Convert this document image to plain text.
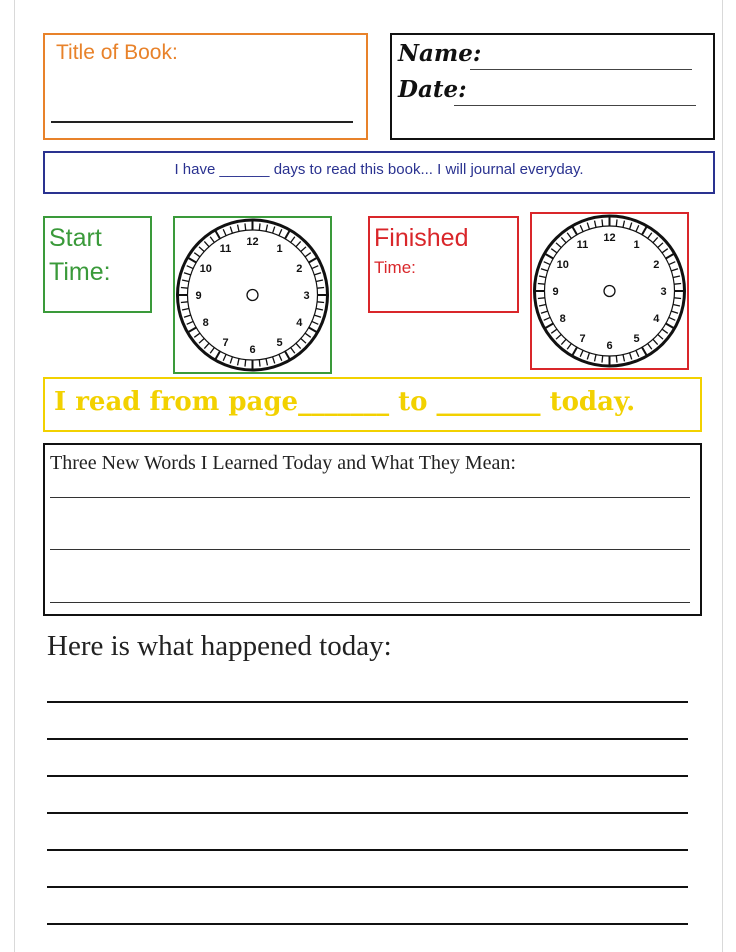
Title of Book:	Name:
Date:
I have ______ days to read this book... I will journal everyday.
Start
Time:
12
1
2
3
4
5
6
7
8
9
10
11	Finished
Time:
12
1
2
3
4
5
6
7
8
9
10
11
I read from page_______ to ________ today.
Three New Words I Learned Today and What They Mean:
Here is what happened today:
